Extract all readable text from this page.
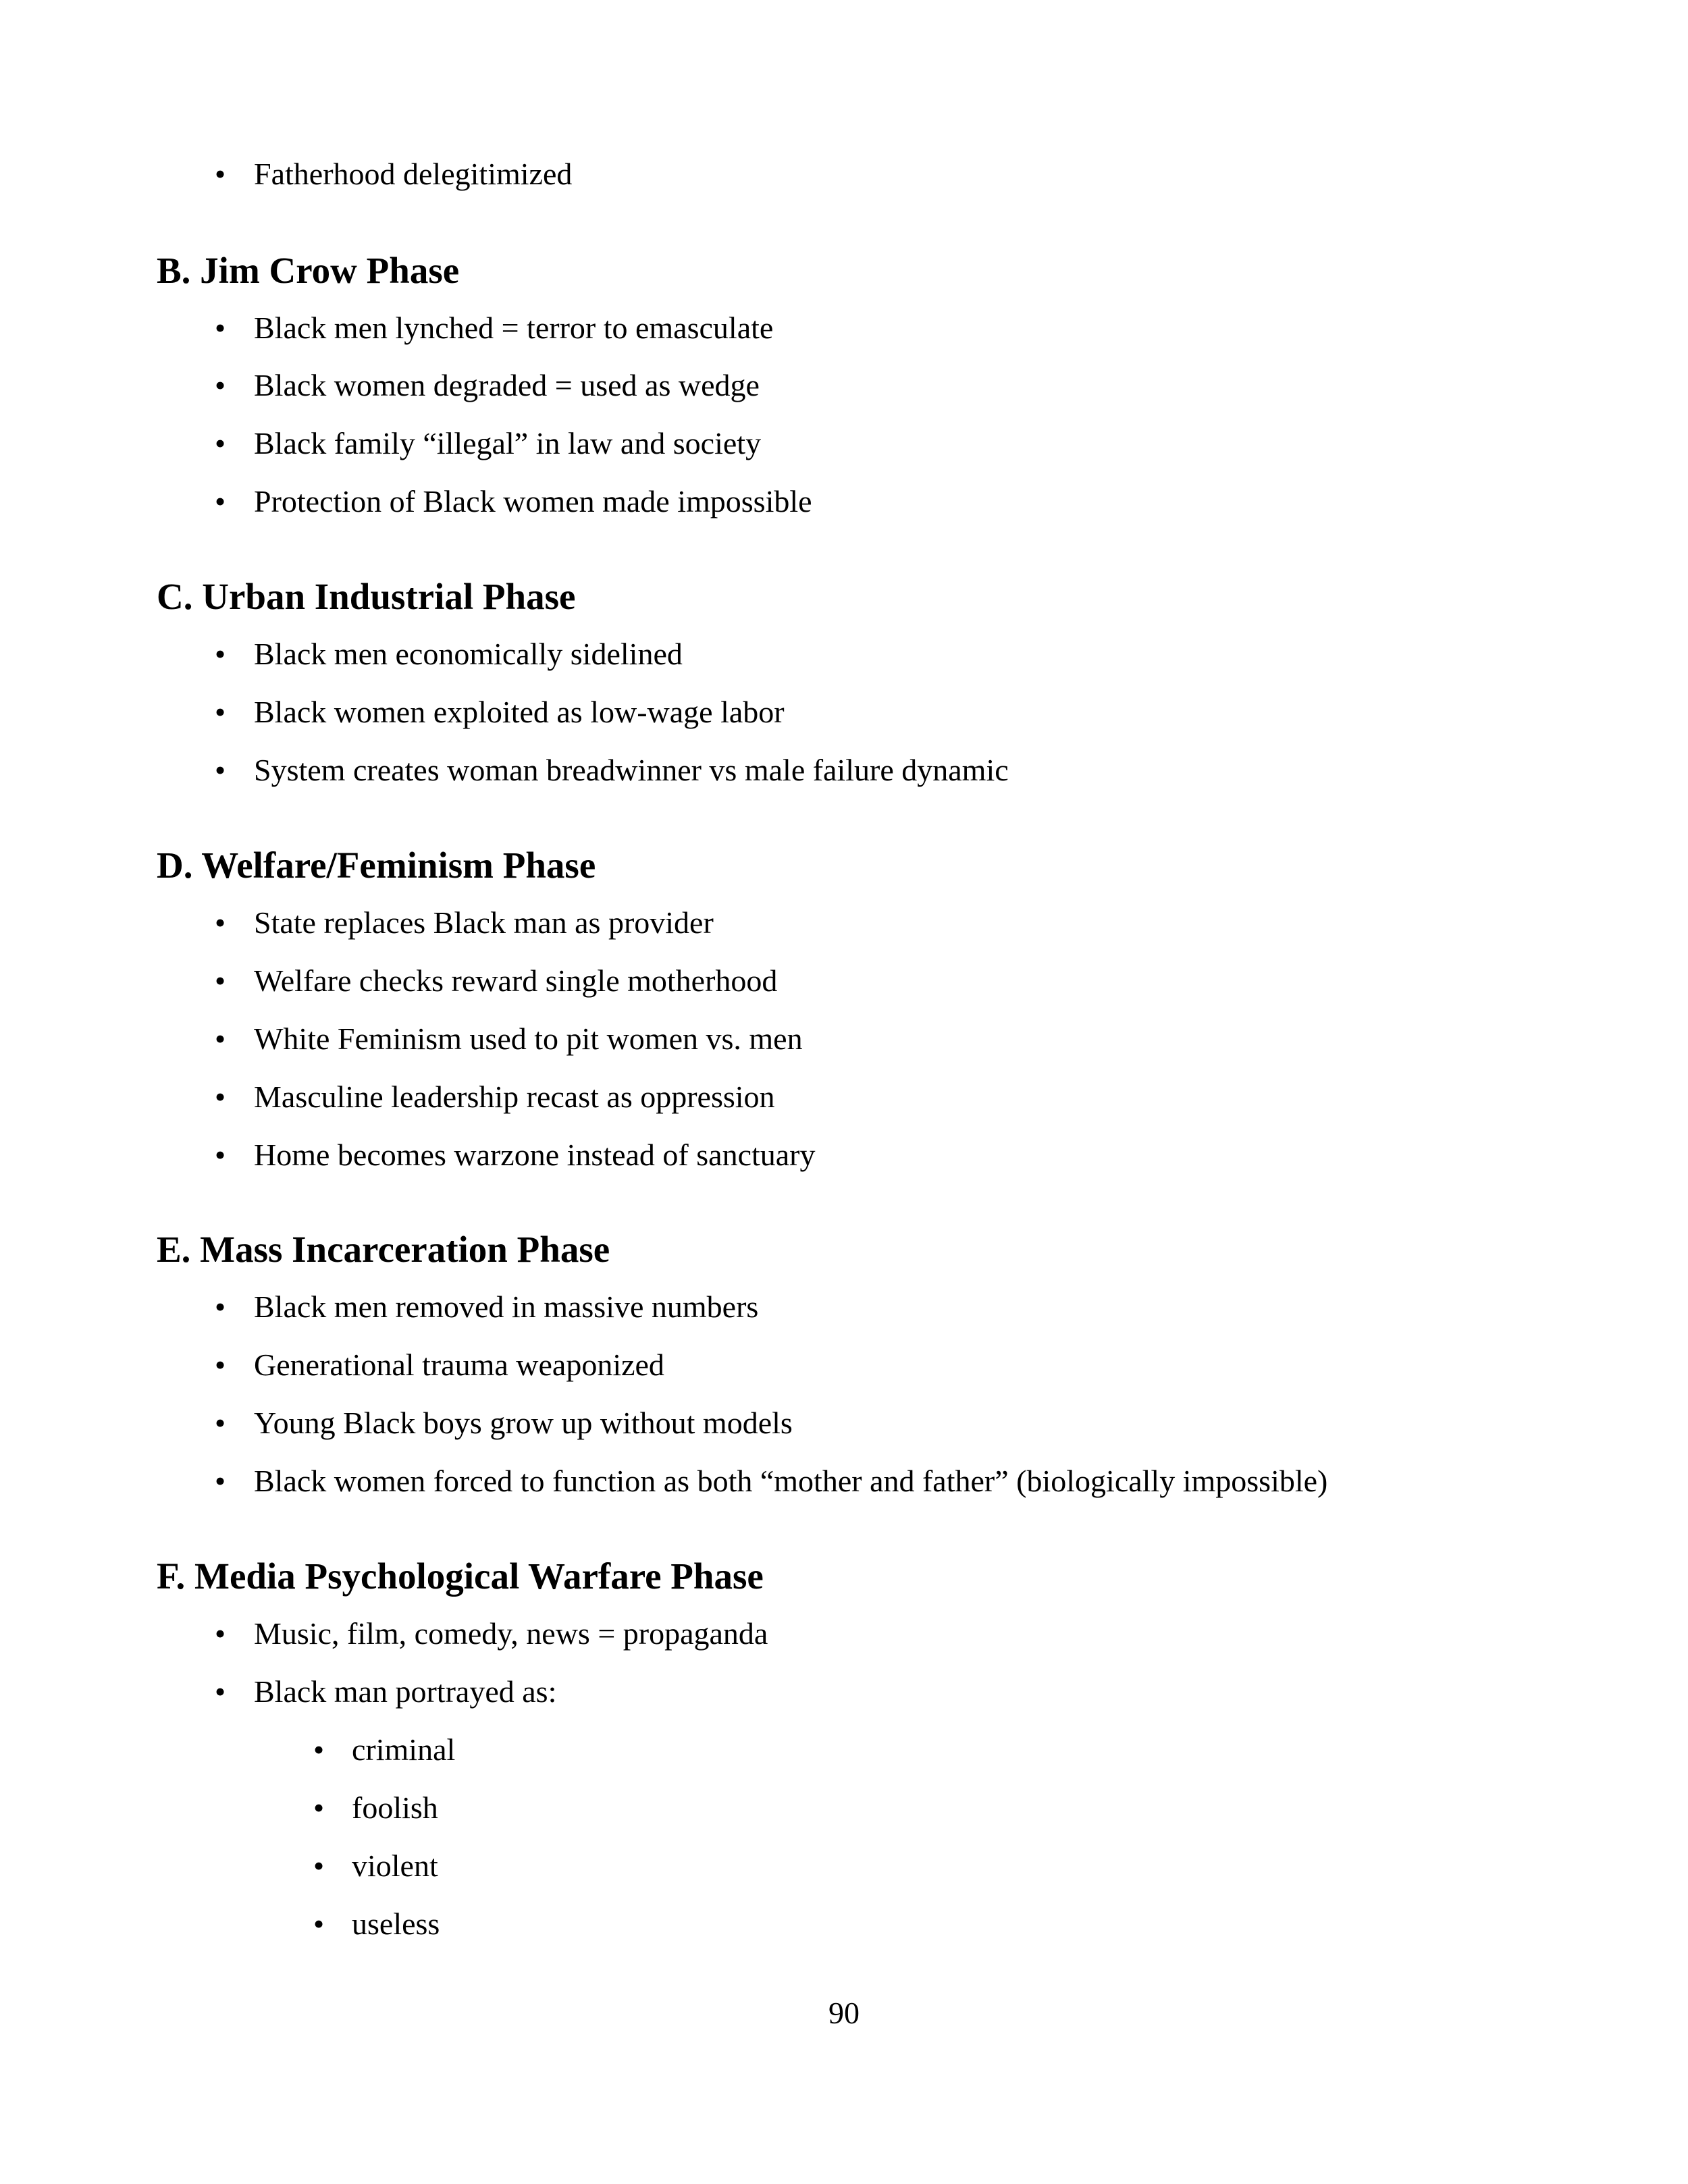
• Fatherhood delegitimized
B. Jim Crow Phase
• Black men lynched = terror to emasculate
• Black women degraded = used as wedge
• Black family “illegal” in law and society
• Protection of Black women made impossible
C. Urban Industrial Phase
• Black men economically sidelined
• Black women exploited as low-wage labor
• System creates woman breadwinner vs male failure dynamic
D. Welfare/Feminism Phase
• State replaces Black man as provider
• Welfare checks reward single motherhood
• White Feminism used to pit women vs. men
• Masculine leadership recast as oppression
• Home becomes warzone instead of sanctuary
E. Mass Incarceration Phase
• Black men removed in massive numbers
• Generational trauma weaponized
• Young Black boys grow up without models
• Black women forced to function as both “mother and father” (biologically impossible)
F. Media Psychological Warfare Phase
• Music, film, comedy, news = propaganda
• Black man portrayed as:
• criminal
• foolish
• violent
• useless
90
